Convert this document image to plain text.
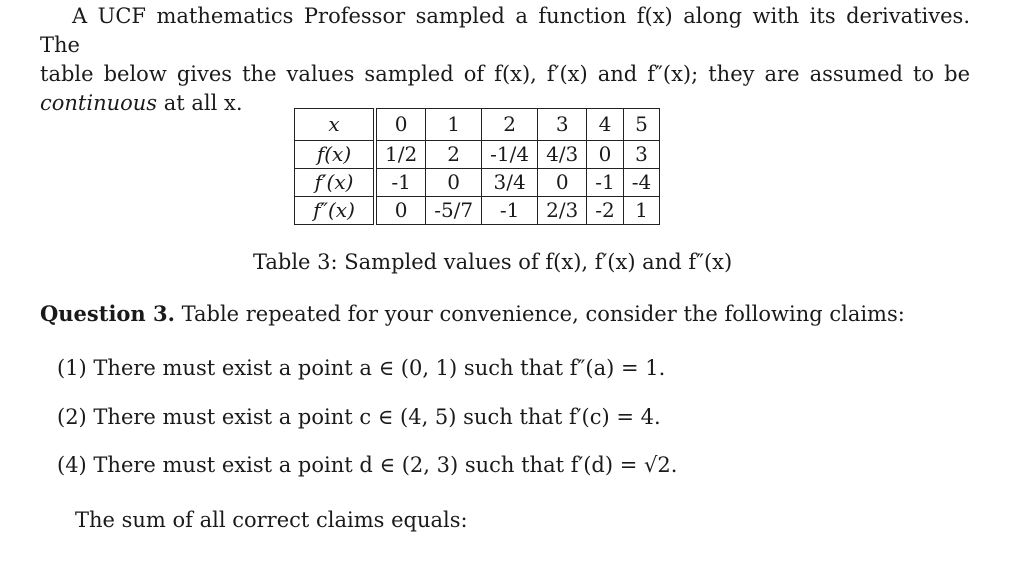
A UCF mathematics Professor sampled a function f(x) along with its derivatives. The
table below gives the values sampled of f(x), f′(x) and f″(x); they are assumed to be
continuous at all x.
x	0	1	2	3	4	5
f(x)	1/2	2	-1/4	4/3	0	3
f′(x)	-1	0	3/4	0	-1	-4
f″(x)	0	-5/7	-1	2/3	-2	1
Table 3: Sampled values of f(x), f′(x) and f″(x)
Question 3. Table repeated for your convenience, consider the following claims:
(1) There must exist a point a ∈ (0, 1) such that f″(a) = 1.
(2) There must exist a point c ∈ (4, 5) such that f′(c) = 4.
(4) There must exist a point d ∈ (2, 3) such that f′(d) = √2.
The sum of all correct claims equals:
